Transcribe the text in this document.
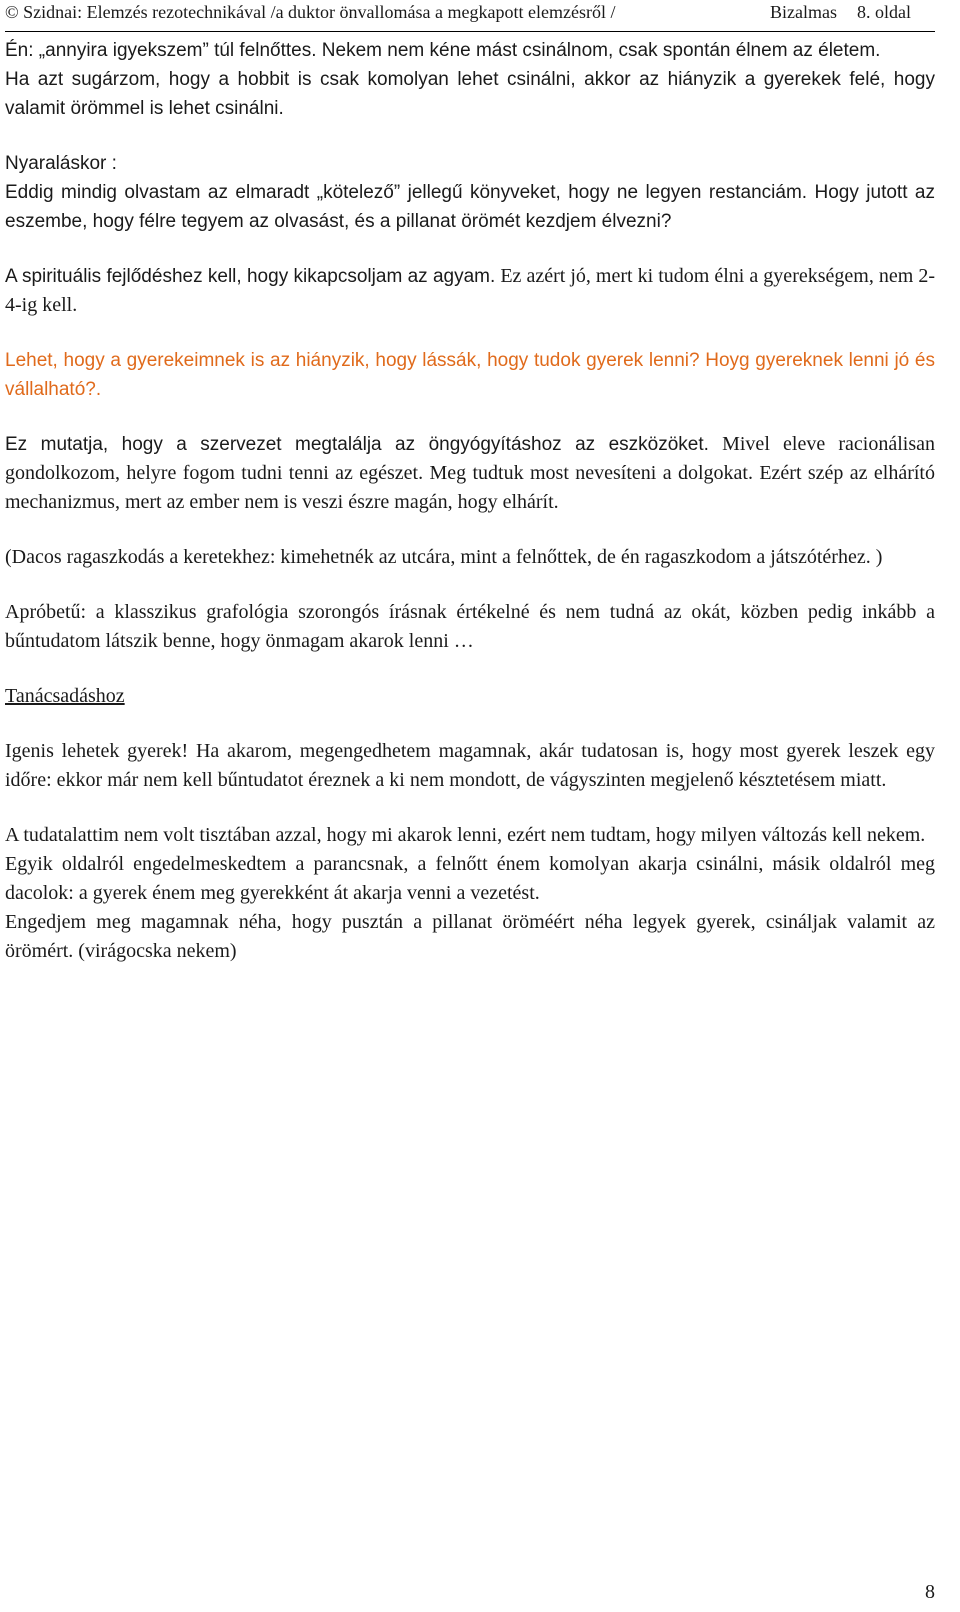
© Szidnai: Elemzés rezotechnikával /a duktor önvallomása a megkapott elemzésről /	Bizalmas 8. oldal

Én: „annyira igyekszem” túl felnőttes. Nekem nem kéne mást csinálnom, csak spontán élnem az életem.

Ha azt sugárzom, hogy a hobbit is csak komolyan lehet csinálni, akkor az hiányzik a gyerekek felé, hogy valamit örömmel is lehet csinálni.

Nyaraláskor :

Eddig mindig olvastam az elmaradt „kötelező” jellegű könyveket, hogy ne legyen restanciám. Hogy jutott az eszembe, hogy félre tegyem az olvasást, és a pillanat örömét kezdjem élvezni?

A spirituális fejlődéshez kell, hogy kikapcsoljam az agyam. Ez azért jó, mert ki tudom élni a gyerekségem, nem 2-4-ig kell.

Lehet, hogy a gyerekeimnek is az hiányzik, hogy lássák, hogy tudok gyerek lenni? Hoyg gyereknek lenni jó és vállalható?.

Ez mutatja, hogy a szervezet megtalálja az öngyógyításhoz az eszközöket. Mivel eleve racionálisan gondolkozom, helyre fogom tudni tenni az egészet. Meg tudtuk most nevesíteni a dolgokat. Ezért szép az elhárító mechanizmus, mert az ember nem is veszi észre magán, hogy elhárít.

(Dacos ragaszkodás a keretekhez: kimehetnék az utcára, mint a felnőttek, de én ragaszkodom a játszótérhez. )

Apróbetű: a klasszikus grafológia szorongós írásnak értékelné és nem tudná az okát, közben pedig inkább a bűntudatom látszik benne, hogy önmagam akarok lenni …

Tanácsadáshoz

Igenis lehetek gyerek! Ha akarom, megengedhetem magamnak, akár tudatosan is, hogy most gyerek leszek egy időre: ekkor már nem kell bűntudatot éreznek a ki nem mondott, de vágyszinten megjelenő késztetésem miatt.

A tudatalattim nem volt tisztában azzal, hogy mi akarok lenni, ezért nem tudtam, hogy milyen változás kell nekem.

Egyik oldalról engedelmeskedtem a parancsnak, a felnőtt énem komolyan akarja csinálni, másik oldalról meg dacolok: a gyerek énem meg gyerekként át akarja venni a vezetést.

Engedjem meg magamnak néha, hogy pusztán a pillanat öröméért néha legyek gyerek, csináljak valamit az örömért. (virágocska nekem)

8
